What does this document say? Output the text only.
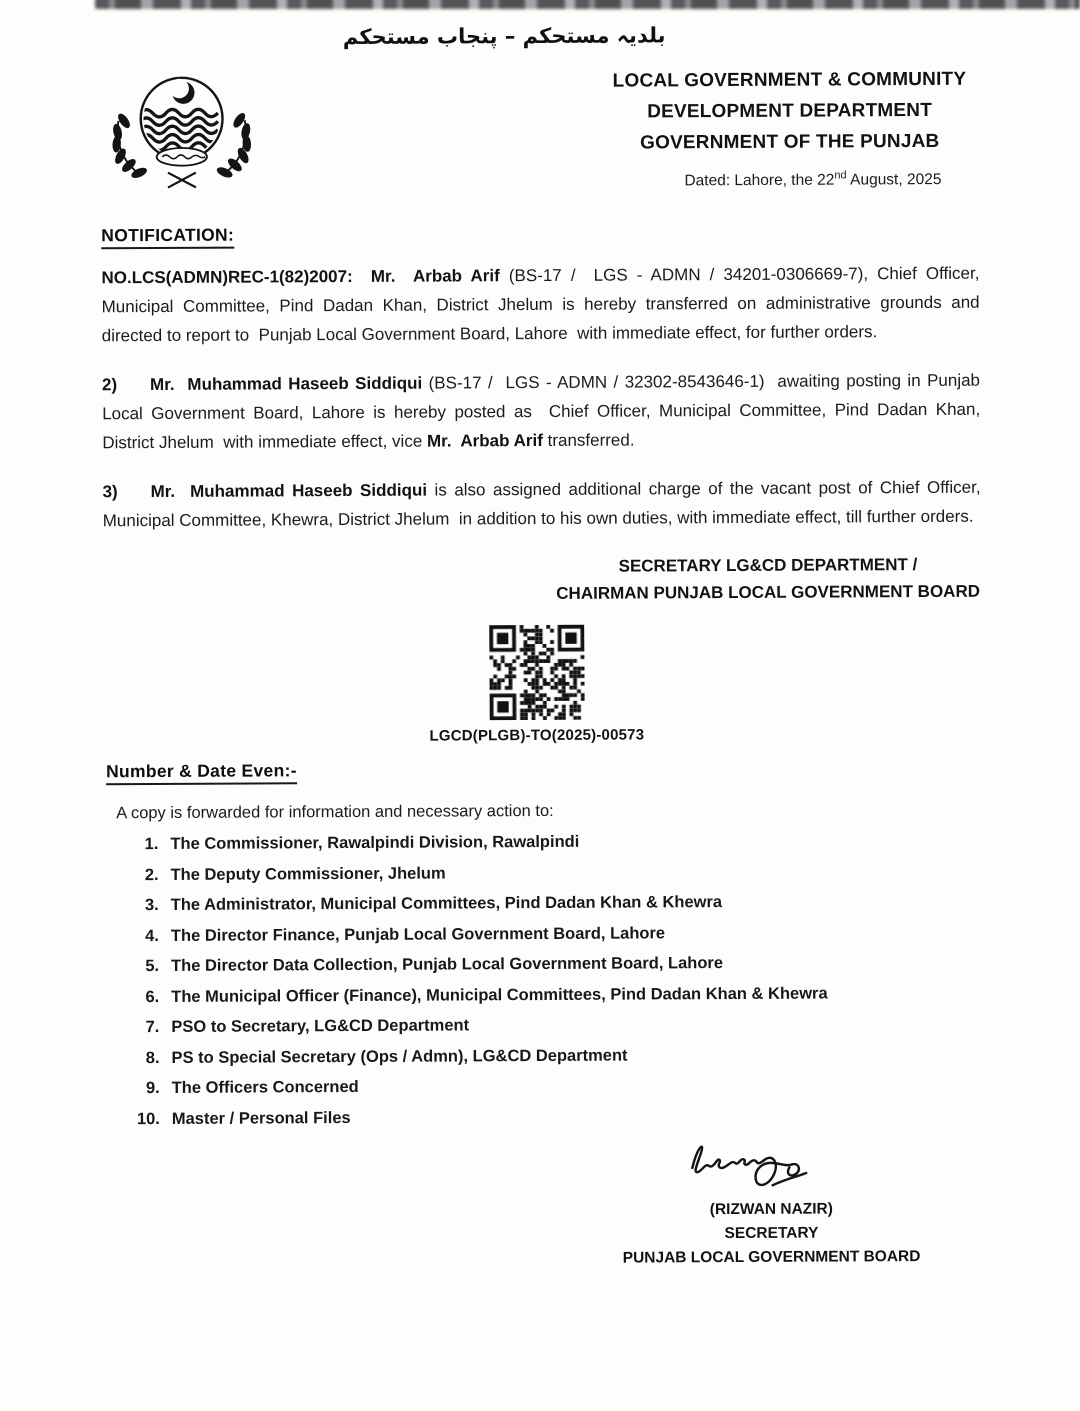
بلدیہ مستحکم – پنجاب مستحکم
LOCAL GOVERNMENT & COMMUNITY
DEVELOPMENT DEPARTMENT
GOVERNMENT OF THE PUNJAB
Dated: Lahore, the 22nd August, 2025
NOTIFICATION:
NO.LCS(ADMN)REC-1(82)2007: Mr.  Arbab Arif (BS-17 /  LGS - ADMN / 34201-0306669-7), Chief Officer, Municipal Committee, Pind Dadan Khan, District Jhelum is hereby transferred on administrative grounds and directed to report to  Punjab Local Government Board, Lahore  with immediate effect, for further orders.
2) Mr.  Muhammad Haseeb Siddiqui (BS-17 /  LGS - ADMN / 32302-8543646-1)  awaiting posting in Punjab Local Government Board, Lahore is hereby posted as  Chief Officer, Municipal Committee, Pind Dadan Khan, District Jhelum  with immediate effect, vice Mr.  Arbab Arif transferred.
3) Mr.  Muhammad Haseeb Siddiqui is also assigned additional charge of the vacant post of Chief Officer, Municipal Committee, Khewra, District Jhelum  in addition to his own duties, with immediate effect, till further orders.
SECRETARY LG&CD DEPARTMENT /
CHAIRMAN PUNJAB LOCAL GOVERNMENT BOARD
LGCD(PLGB)-TO(2025)-00573
Number & Date Even:-
A copy is forwarded for information and necessary action to:
1. The Commissioner, Rawalpindi Division, Rawalpindi
2. The Deputy Commissioner, Jhelum
3. The Administrator, Municipal Committees, Pind Dadan Khan & Khewra
4. The Director Finance, Punjab Local Government Board, Lahore
5. The Director Data Collection, Punjab Local Government Board, Lahore
6. The Municipal Officer (Finance), Municipal Committees, Pind Dadan Khan & Khewra
7. PSO to Secretary, LG&CD Department
8. PS to Special Secretary (Ops / Admn), LG&CD Department
9. The Officers Concerned
10. Master / Personal Files
(RIZWAN NAZIR)
SECRETARY
PUNJAB LOCAL GOVERNMENT BOARD
